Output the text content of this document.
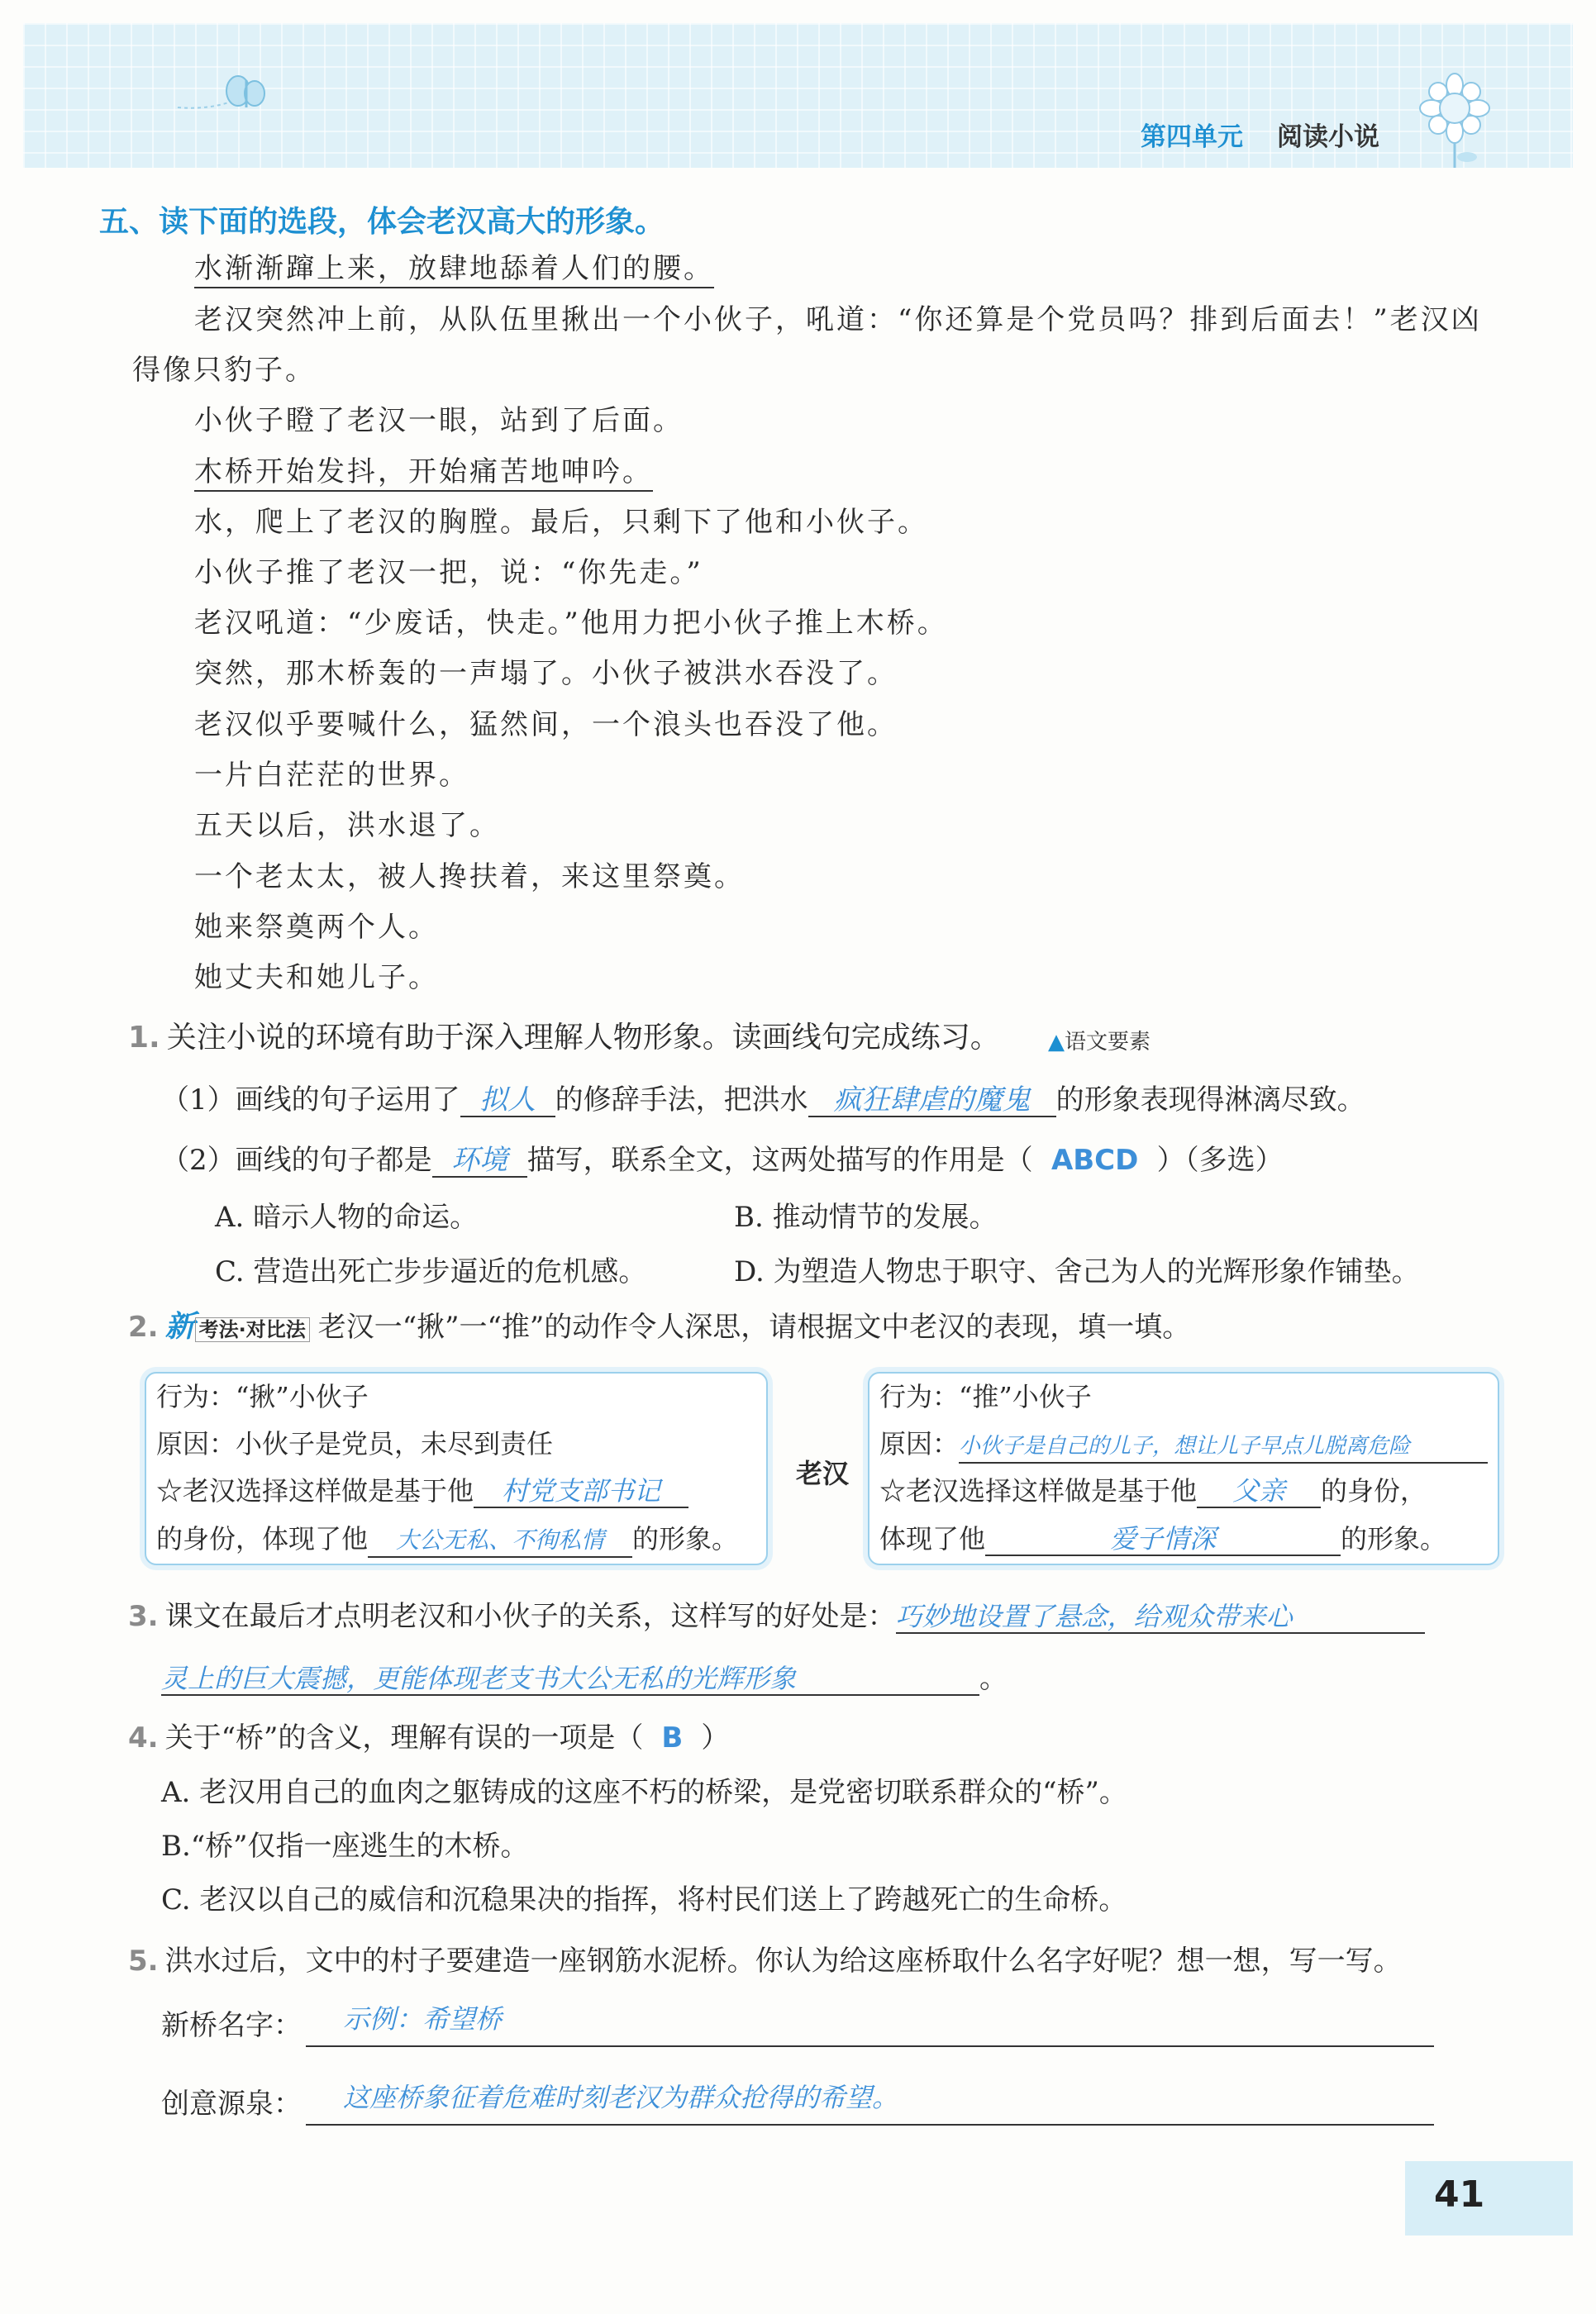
第四单元 阅读小说
五、读下面的选段，体会老汉高大的形象。
水渐渐蹿上来，放肆地舔着人们的腰。
老汉突然冲上前，从队伍里揪出一个小伙子，吼道：“你还算是个党员吗？排到后面去！”老汉凶
得像只豹子。
小伙子瞪了老汉一眼，站到了后面。
木桥开始发抖，开始痛苦地呻吟。
水，爬上了老汉的胸膛。最后，只剩下了他和小伙子。
小伙子推了老汉一把，说：“你先走。”
老汉吼道：“少废话，快走。”他用力把小伙子推上木桥。
突然，那木桥轰的一声塌了。小伙子被洪水吞没了。
老汉似乎要喊什么，猛然间，一个浪头也吞没了他。
一片白茫茫的世界。
五天以后，洪水退了。
一个老太太，被人搀扶着，来这里祭奠。
她来祭奠两个人。
她丈夫和她儿子。
1. 关注小说的环境有助于深入理解人物形象。读画线句完成练习。 ▲语文要素
（1）画线的句子运用了 拟人 的修辞手法，把洪水 疯狂肆虐的魔鬼 的形象表现得淋漓尽致。
（2）画线的句子都是 环境 描写，联系全文，这两处描写的作用是（ ABCD ）（多选）
A. 暗示人物的命运。	B. 推动情节的发展。
C. 营造出死亡步步逼近的危机感。	D. 为塑造人物忠于职守、舍己为人的光辉形象作铺垫。
2. 新 考法·对比法 老汉一“揪”一“推”的动作令人深思，请根据文中老汉的表现，填一填。
行为：“揪”小伙子
原因：小伙子是党员，未尽到责任
☆老汉选择这样做是基于他 村党支部书记
的身份，体现了他 大公无私、不徇私情 的形象。
老汉
行为：“推”小伙子
原因：小伙子是自己的儿子，想让儿子早点儿脱离危险
☆老汉选择这样做是基于他 父亲 的身份，
体现了他	爱子情深	的形象。
3. 课文在最后才点明老汉和小伙子的关系，这样写的好处是：巧妙地设置了悬念，给观众带来心
灵上的巨大震撼，更能体现老支书大公无私的光辉形象	。
4. 关于“桥”的含义，理解有误的一项是（ B ）
A. 老汉用自己的血肉之躯铸成的这座不朽的桥梁，是党密切联系群众的“桥”。
B.“桥”仅指一座逃生的木桥。
C. 老汉以自己的威信和沉稳果决的指挥，将村民们送上了跨越死亡的生命桥。
5. 洪水过后，文中的村子要建造一座钢筋水泥桥。你认为给这座桥取什么名字好呢？想一想，写一写。
新桥名字： 示例：希望桥
创意源泉： 这座桥象征着危难时刻老汉为群众抢得的希望。
41
